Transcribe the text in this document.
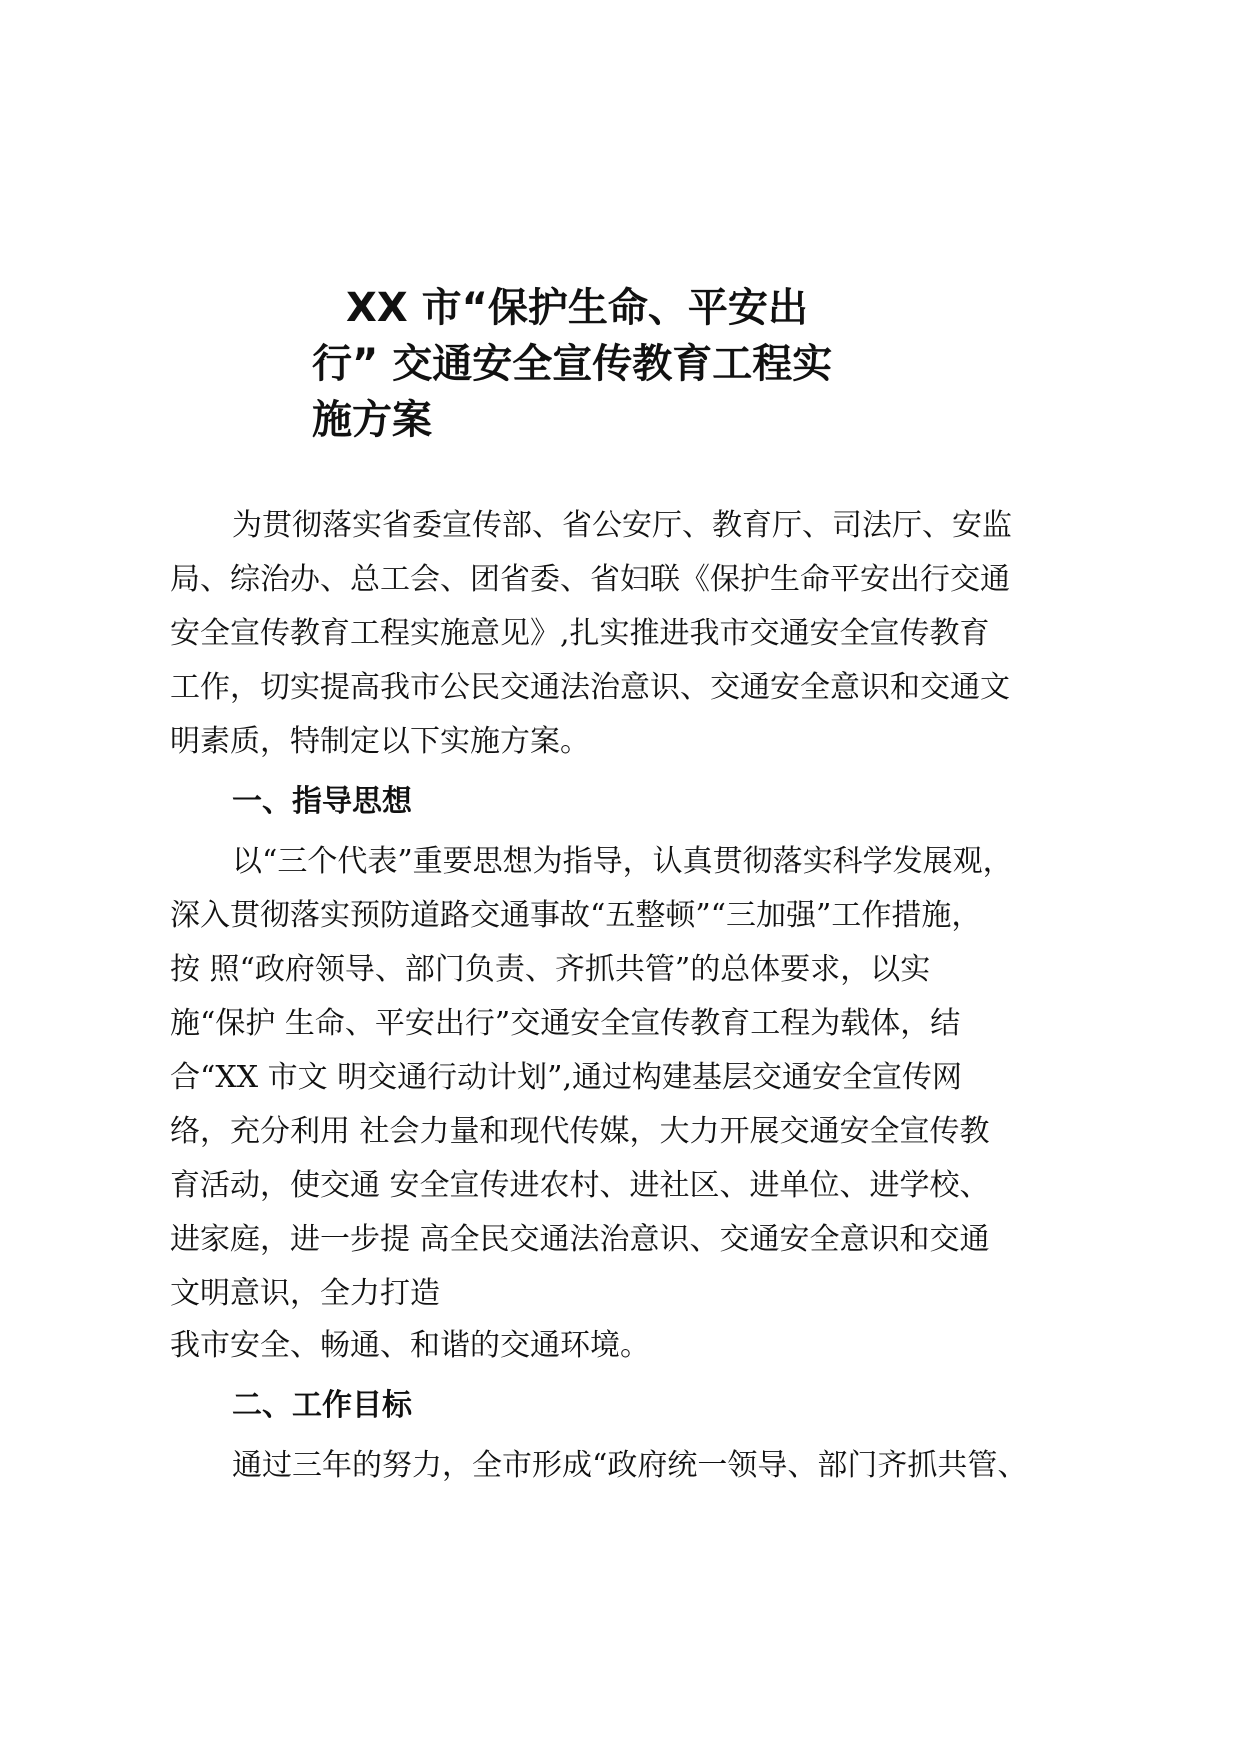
XX 市“保护生命、平安出
行” 交通安全宣传教育工程实
施方案
为贯彻落实省委宣传部、省公安厅、教育厅、司法厅、安监
局、综治办、总工会、团省委、省妇联《保护生命平安出行交通
安全宣传教育工程实施意见》,扎实推进我市交通安全宣传教育
工作，切实提高我市公民交通法治意识、交通安全意识和交通文
明素质，特制定以下实施方案。
一、指导思想
以“三个代表”重要思想为指导，认真贯彻落实科学发展观，
深入贯彻落实预防道路交通事故“五整顿”“三加强”工作措施，
按 照“政府领导、部门负责、齐抓共管”的总体要求，以实
施“保护 生命、平安出行”交通安全宣传教育工程为载体，结
合“XX 市文 明交通行动计划”,通过构建基层交通安全宣传网
络，充分利用 社会力量和现代传媒，大力开展交通安全宣传教
育活动，使交通 安全宣传进农村、进社区、进单位、进学校、
进家庭，进一步提 高全民交通法治意识、交通安全意识和交通
文明意识，全力打造
我市安全、畅通、和谐的交通环境。
二、工作目标
通过三年的努力，全市形成“政府统一领导、部门齐抓共管、
